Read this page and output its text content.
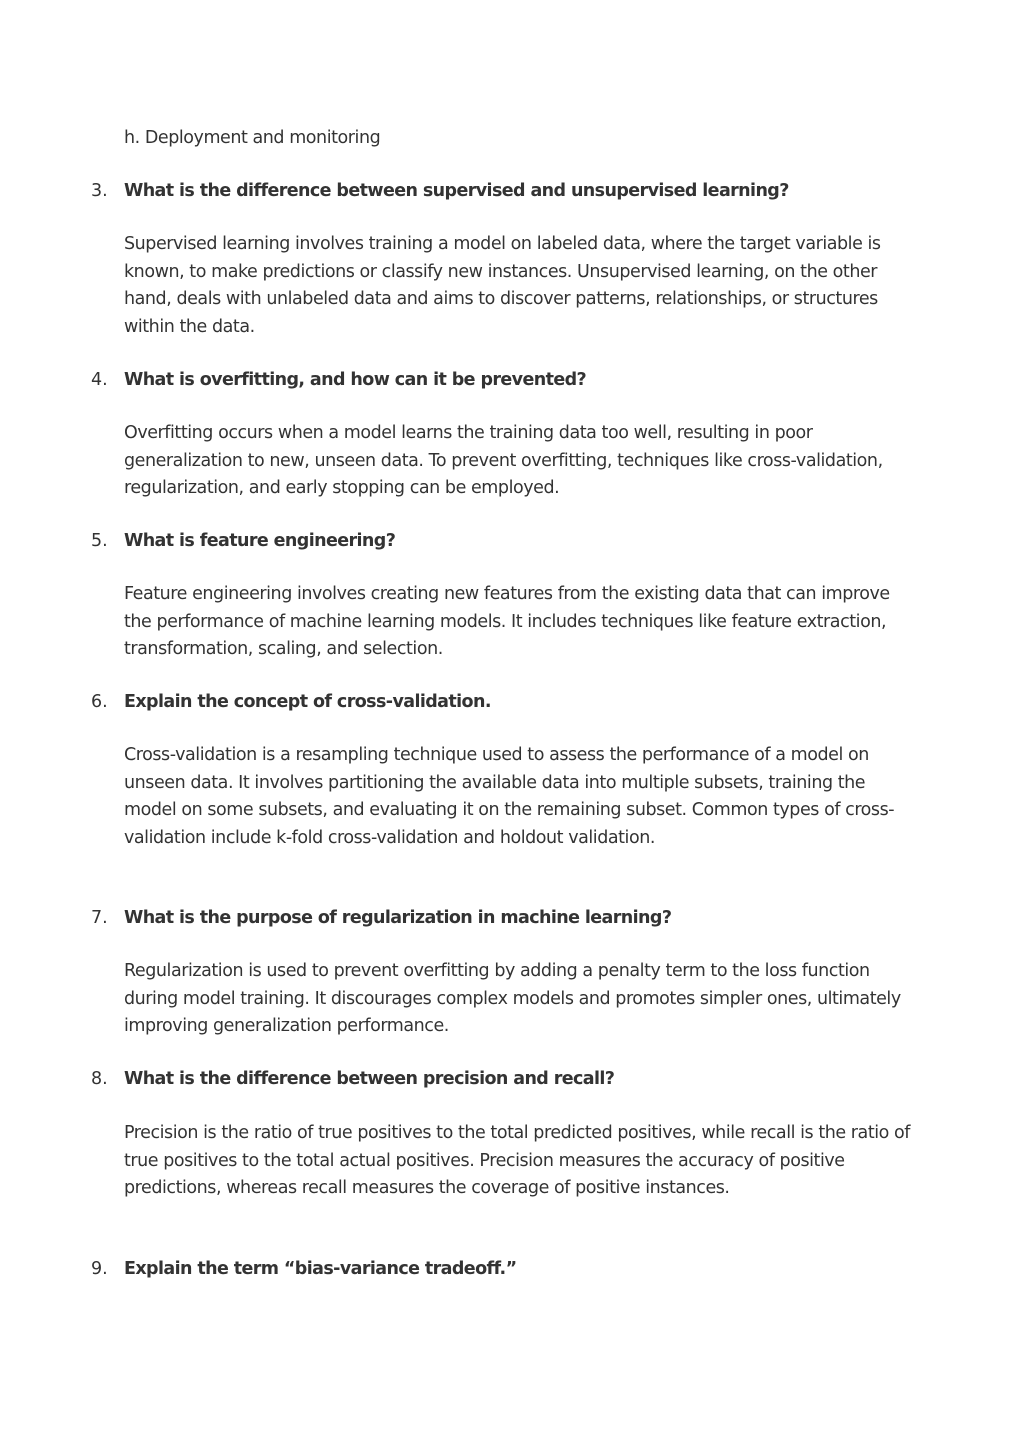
h. Deployment and monitoring

3. What is the difference between supervised and unsupervised learning?

Supervised learning involves training a model on labeled data, where the target variable is known, to make predictions or classify new instances. Unsupervised learning, on the other hand, deals with unlabeled data and aims to discover patterns, relationships, or structures within the data.

4. What is overfitting, and how can it be prevented?

Overfitting occurs when a model learns the training data too well, resulting in poor generalization to new, unseen data. To prevent overfitting, techniques like cross-validation, regularization, and early stopping can be employed.

5. What is feature engineering?

Feature engineering involves creating new features from the existing data that can improve the performance of machine learning models. It includes techniques like feature extraction, transformation, scaling, and selection.

6. Explain the concept of cross-validation.

Cross-validation is a resampling technique used to assess the performance of a model on unseen data. It involves partitioning the available data into multiple subsets, training the model on some subsets, and evaluating it on the remaining subset. Common types of cross-validation include k-fold cross-validation and holdout validation.

7. What is the purpose of regularization in machine learning?

Regularization is used to prevent overfitting by adding a penalty term to the loss function during model training. It discourages complex models and promotes simpler ones, ultimately improving generalization performance.

8. What is the difference between precision and recall?

Precision is the ratio of true positives to the total predicted positives, while recall is the ratio of true positives to the total actual positives. Precision measures the accuracy of positive predictions, whereas recall measures the coverage of positive instances.

9. Explain the term “bias-variance tradeoff.”
